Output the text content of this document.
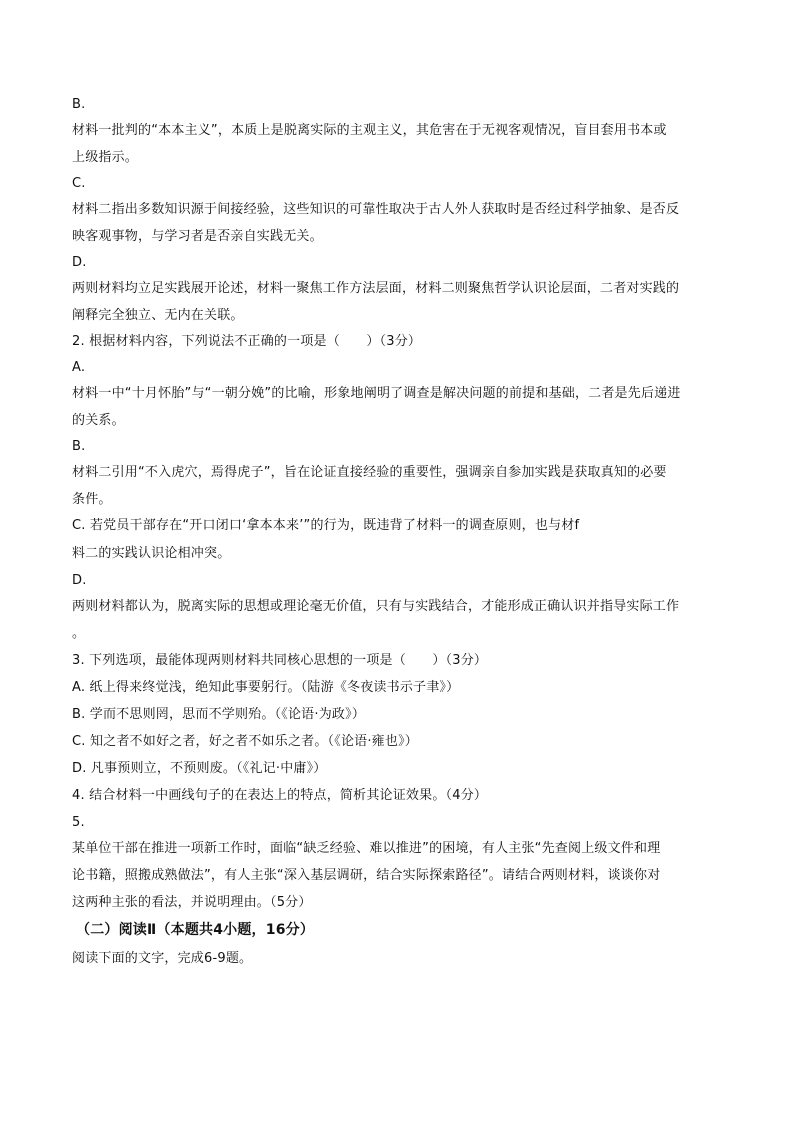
B.
材料一批判的“本本主义”，本质上是脱离实际的主观主义，其危害在于无视客观情况，盲目套用书本或
上级指示。
C.
材料二指出多数知识源于间接经验，这些知识的可靠性取决于古人外人获取时是否经过科学抽象、是否反
映客观事物，与学习者是否亲自实践无关。
D.
两则材料均立足实践展开论述，材料一聚焦工作方法层面，材料二则聚焦哲学认识论层面，二者对实践的
阐释完全独立、无内在关联。
2. 根据材料内容，下列说法不正确的一项是（　　）（3分）
A.
材料一中“十月怀胎”与“一朝分娩”的比喻，形象地阐明了调查是解决问题的前提和基础，二者是先后递进
的关系。
B.
材料二引用“不入虎穴，焉得虎子”，旨在论证直接经验的重要性，强调亲自参加实践是获取真知的必要
条件。
C. 若党员干部存在“开口闭口‘拿本本来’”的行为，既违背了材料一的调查原则，也与材f
料二的实践认识论相冲突。
D.
两则材料都认为，脱离实际的思想或理论毫无价值，只有与实践结合，才能形成正确认识并指导实际工作
。
3. 下列选项，最能体现两则材料共同核心思想的一项是（　　）（3分）
A. 纸上得来终觉浅，绝知此事要躬行。（陆游《冬夜读书示子聿》）
B. 学而不思则罔，思而不学则殆。（《论语·为政》）
C. 知之者不如好之者，好之者不如乐之者。（《论语·雍也》）
D. 凡事预则立，不预则废。（《礼记·中庸》）
4. 结合材料一中画线句子的在表达上的特点，简析其论证效果。（4分）
5.
某单位干部在推进一项新工作时，面临“缺乏经验、难以推进”的困境，有人主张“先查阅上级文件和理
论书籍，照搬成熟做法”，有人主张“深入基层调研，结合实际探索路径”。请结合两则材料，谈谈你对
这两种主张的看法，并说明理由。（5分）
（二）阅读Ⅱ（本题共4小题，16分）
阅读下面的文字，完成6-9题。
